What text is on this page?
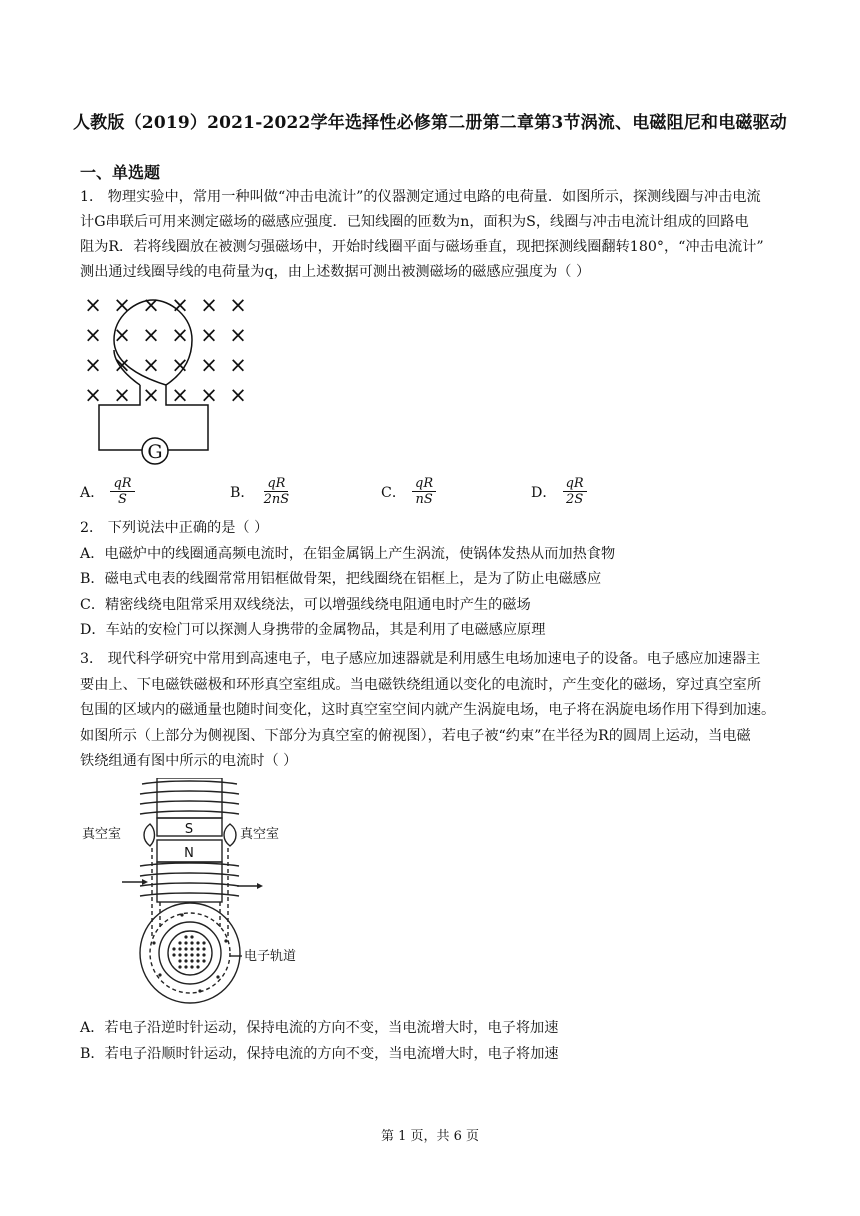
人教版（2019）2021-2022学年选择性必修第二册第二章第3节涡流、电磁阻尼和电磁驱动
一、单选题
1． 物理实验中，常用一种叫做“冲击电流计”的仪器测定通过电路的电荷量．如图所示，探测线圈与冲击电流
计G串联后可用来测定磁场的磁感应强度．已知线圈的匝数为n，面积为S，线圈与冲击电流计组成的回路电
阻为R．若将线圈放在被测匀强磁场中，开始时线圈平面与磁场垂直，现把探测线圈翻转180°，“冲击电流计”
测出通过线圈导线的电荷量为q，由上述数据可测出被测磁场的磁感应强度为（ ）
× × × × × ×
× × × × × ×
× × × × × ×
× × × × × ×
G
A． $\frac{qR}{S}$	B． $\frac{qR}{2nS}$	C． $\frac{qR}{nS}$	D． $\frac{qR}{2S}$
2． 下列说法中正确的是（ ）
A．电磁炉中的线圈通高频电流时，在铝金属锅上产生涡流，使锅体发热从而加热食物
B．磁电式电表的线圈常常用铝框做骨架，把线圈绕在铝框上，是为了防止电磁感应
C．精密线绕电阻常采用双线绕法，可以增强线绕电阻通电时产生的磁场
D．车站的安检门可以探测人身携带的金属物品，其是利用了电磁感应原理
3． 现代科学研究中常用到高速电子，电子感应加速器就是利用感生电场加速电子的设备。电子感应加速器主
要由上、下电磁铁磁极和环形真空室组成。当电磁铁绕组通以变化的电流时，产生变化的磁场，穿过真空室所
包围的区域内的磁通量也随时间变化，这时真空室空间内就产生涡旋电场，电子将在涡旋电场作用下得到加速。
如图所示（上部分为侧视图、下部分为真空室的俯视图），若电子被“约束”在半径为R的圆周上运动，当电磁
铁绕组通有图中所示的电流时（ ）
S
N
真空室	真空室
电子轨道
A．若电子沿逆时针运动，保持电流的方向不变，当电流增大时，电子将加速
B．若电子沿顺时针运动，保持电流的方向不变，当电流增大时，电子将加速
第 1 页，共 6 页
